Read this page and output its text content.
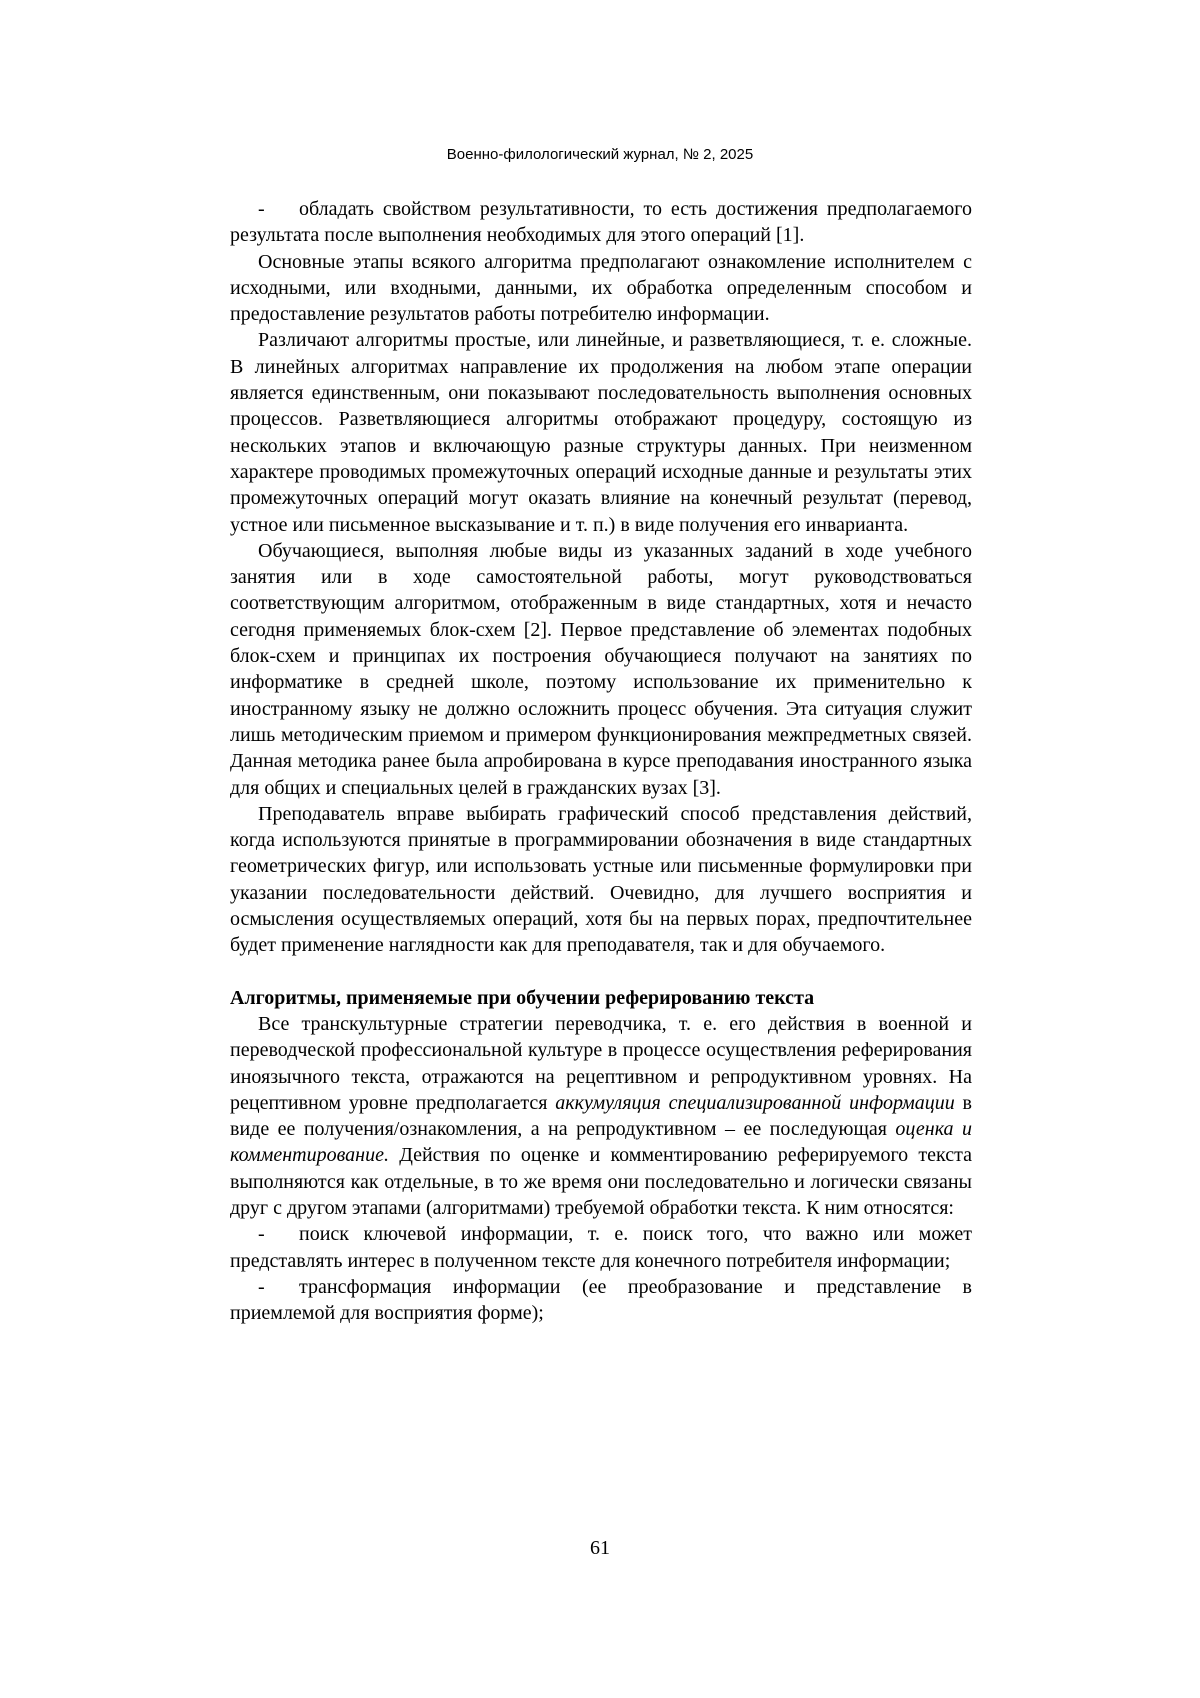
Военно-филологический журнал, № 2, 2025

- обладать свойством результативности, то есть достижения предполагаемого результата после выполнения необходимых для этого операций [1].

Основные этапы всякого алгоритма предполагают ознакомление исполнителем с исходными, или входными, данными, их обработка определенным способом и предоставление результатов работы потребителю информации.

Различают алгоритмы простые, или линейные, и разветвляющиеся, т. е. сложные. В линейных алгоритмах направление их продолжения на любом этапе операции является единственным, они показывают последовательность выполнения основных процессов. Разветвляющиеся алгоритмы отображают процедуру, состоящую из нескольких этапов и включающую разные структуры данных. При неизменном характере проводимых промежуточных операций исходные данные и результаты этих промежуточных операций могут оказать влияние на конечный результат (перевод, устное или письменное высказывание и т. п.) в виде получения его инварианта.

Обучающиеся, выполняя любые виды из указанных заданий в ходе учебного занятия или в ходе самостоятельной работы, могут руководствоваться соответствующим алгоритмом, отображенным в виде стандартных, хотя и нечасто сегодня применяемых блок-схем [2]. Первое представление об элементах подобных блок-схем и принципах их построения обучающиеся получают на занятиях по информатике в средней школе, поэтому использование их применительно к иностранному языку не должно осложнить процесс обучения. Эта ситуация служит лишь методическим приемом и примером функционирования межпредметных связей. Данная методика ранее была апробирована в курсе преподавания иностранного языка для общих и специальных целей в гражданских вузах [3].

Преподаватель вправе выбирать графический способ представления действий, когда используются принятые в программировании обозначения в виде стандартных геометрических фигур, или использовать устные или письменные формулировки при указании последовательности действий. Очевидно, для лучшего восприятия и осмысления осуществляемых операций, хотя бы на первых порах, предпочтительнее будет применение наглядности как для преподавателя, так и для обучаемого.

Алгоритмы, применяемые при обучении реферированию текста

Все транскультурные стратегии переводчика, т. е. его действия в военной и переводческой профессиональной культуре в процессе осуществления реферирования иноязычного текста, отражаются на рецептивном и репродуктивном уровнях. На рецептивном уровне предполагается аккумуляция специализированной информации в виде ее получения/ознакомления, а на репродуктивном – ее последующая оценка и комментирование. Действия по оценке и комментированию реферируемого текста выполняются как отдельные, в то же время они последовательно и логически связаны друг с другом этапами (алгоритмами) требуемой обработки текста. К ним относятся:

- поиск ключевой информации, т. е. поиск того, что важно или может представлять интерес в полученном тексте для конечного потребителя информации;

- трансформация информации (ее преобразование и представление в приемлемой для восприятия форме);

61
